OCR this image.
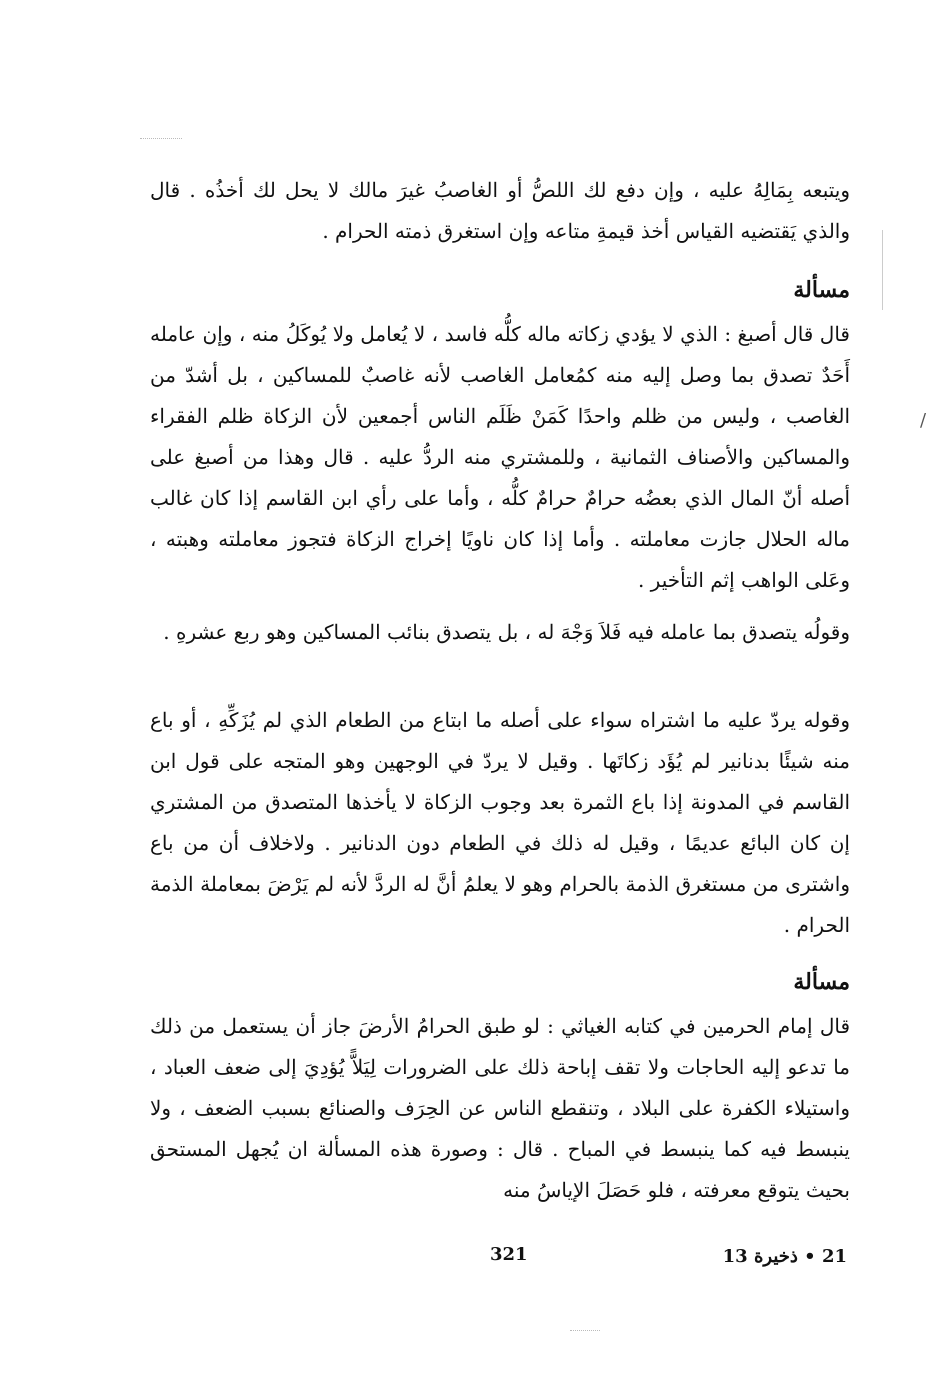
/
ويتبعه بِمَالِهُ عليه ، وإن دفع لك اللصُّ أو الغاصبُ غيرَ مالك لا يحل لك أخذُه . قال والذي يَقتضيه القياس أخذ قيمةِ متاعه وإن استغرق ذمته الحرام .
مسألة
قال قال أصبغ : الذي لا يؤدي زكاته ماله كلُّه فاسد ، لا يُعامل ولا يُوكَلُ منه ، وإن عامله أَحَدٌ تصدق بما وصل إليه منه كمُعامل الغاصب لأنه غاصبٌ للمساكين ، بل أشدّ من الغاصب ، وليس من ظلم واحدًا كَمَنْ ظَلَم الناس أجمعين لأن الزكاة ظلم الفقراء والمساكين والأصناف الثمانية ، وللمشتري منه الردُّ عليه . قال وهذا من أصبغ على أصله أنّ المال الذي بعضُه حرامٌ حرامٌ كلُّه ، وأما على رأي ابن القاسم إذا كان غالب ماله الحلال جازت معاملته . وأما إذا كان ناويًا إخراج الزكاة فتجوز معاملته وهبته ، وعَلى الواهب إثم التأخير .
وقولُه يتصدق بما عامله فيه فَلاَ وَجْهَ له ، بل يتصدق بنائب المساكين وهو ربع عشرهِ .
وقوله يردّ عليه ما اشتراه سواء على أصله ما ابتاع من الطعام الذي لم يُزَكِّهِ ، أو باع منه شيئًا بدنانير لم يُؤَد زكاتَها . وقيل لا يردّ في الوجهين وهو المتجه على قول ابن القاسم في المدونة إذا باع الثمرة بعد وجوب الزكاة لا يأخذها المتصدق من المشتري إن كان البائع عديمًا ، وقيل له ذلك في الطعام دون الدنانير . ولاخلاف أن من باع واشترى من مستغرق الذمة بالحرام وهو لا يعلمُ أنَّ له الردَّ لأنه لم يَرْضَ بمعاملة الذمة الحرام .
مسألة
قال إمام الحرمين في كتابه الغياثي : لو طبق الحرامُ الأرضَ جاز أن يستعمل من ذلك ما تدعو إليه الحاجات ولا تقف إباحة ذلك على الضرورات لِيَلاًّ يُؤدِيَ إلى ضعف العباد ، واستيلاء الكفرة على البلاد ، وتنقطع الناس عن الحِرَف والصنائع بسبب الضعف ، ولا ينبسط فيه كما ينبسط في المباح . قال : وصورة هذه المسألة ان يُجهل المستحق بحيث يتوقع معرفته ، فلو حَصَلَ الإياسُ منه
321	21 • ذخيرة 13
